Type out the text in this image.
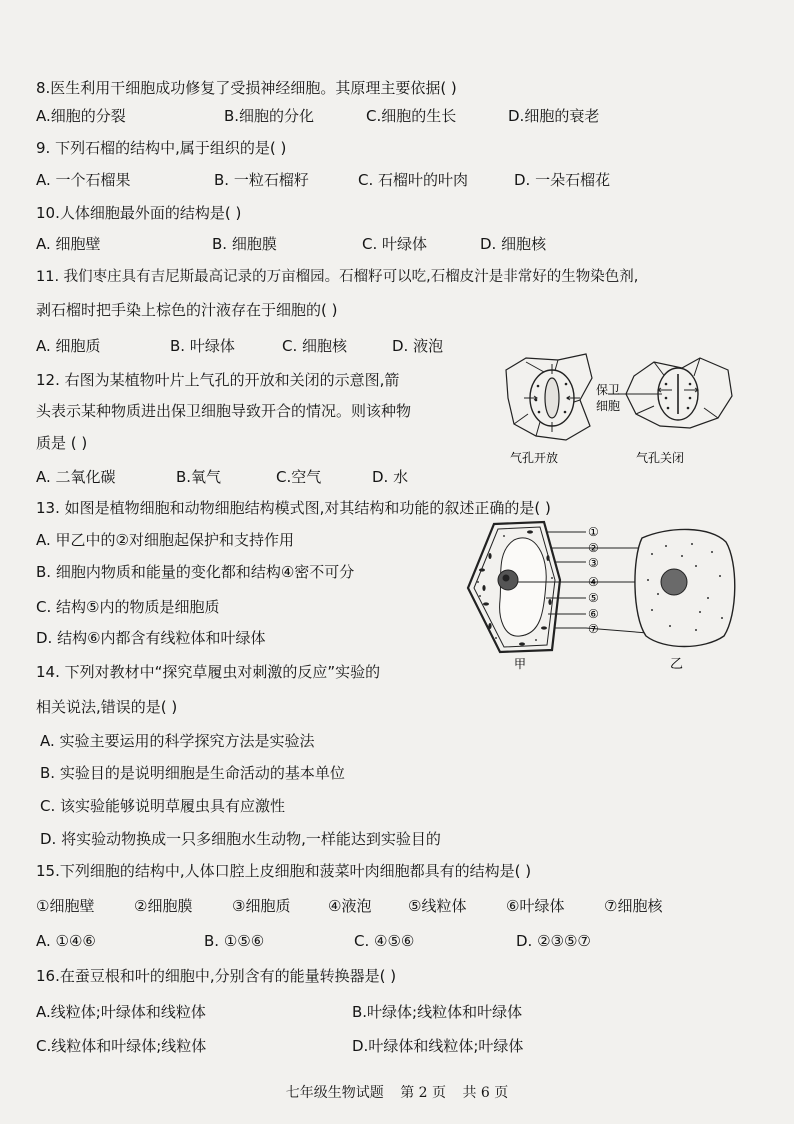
8.医生利用干细胞成功修复了受损神经细胞。其原理主要依据( )
A.细胞的分裂	B.细胞的分化	C.细胞的生长	D.细胞的衰老
9. 下列石榴的结构中,属于组织的是( )
A. 一个石榴果	B. 一粒石榴籽	C. 石榴叶的叶肉	D. 一朵石榴花
10.人体细胞最外面的结构是( )
A. 细胞壁	B. 细胞膜	C. 叶绿体	D. 细胞核
11. 我们枣庄具有吉尼斯最高记录的万亩榴园。石榴籽可以吃,石榴皮汁是非常好的生物染色剂,
剥石榴时把手染上棕色的汁液存在于细胞的( )
A. 细胞质	B. 叶绿体	C. 细胞核	D. 液泡
12. 右图为某植物叶片上气孔的开放和关闭的示意图,箭
头表示某种物质进出保卫细胞导致开合的情况。则该种物
质是 ( )
A. 二氧化碳	B.氧气	C.空气	D. 水
保卫
细胞
气孔开放	气孔关闭
13. 如图是植物细胞和动物细胞结构模式图,对其结构和功能的叙述正确的是( )
A. 甲乙中的②对细胞起保护和支持作用
B. 细胞内物质和能量的变化都和结构④密不可分
C. 结构⑤内的物质是细胞质
D. 结构⑥内都含有线粒体和叶绿体
①
②
③
④
⑤
⑥
⑦
甲	乙
14. 下列对教材中“探究草履虫对刺激的反应”实验的
相关说法,错误的是( )
A. 实验主要运用的科学探究方法是实验法
B. 实验目的是说明细胞是生命活动的基本单位
C. 该实验能够说明草履虫具有应激性
D. 将实验动物换成一只多细胞水生动物,一样能达到实验目的
15.下列细胞的结构中,人体口腔上皮细胞和菠菜叶肉细胞都具有的结构是( )
①细胞壁	②细胞膜	③细胞质	④液泡 ⑤线粒体	⑥叶绿体	⑦细胞核
A. ①④⑥	B. ①⑤⑥	C. ④⑤⑥	D. ②③⑤⑦
16.在蚕豆根和叶的细胞中,分别含有的能量转换器是( )
A.线粒体;叶绿体和线粒体	B.叶绿体;线粒体和叶绿体
C.线粒体和叶绿体;线粒体	D.叶绿体和线粒体;叶绿体
七年级生物试题 第 2 页 共 6 页
